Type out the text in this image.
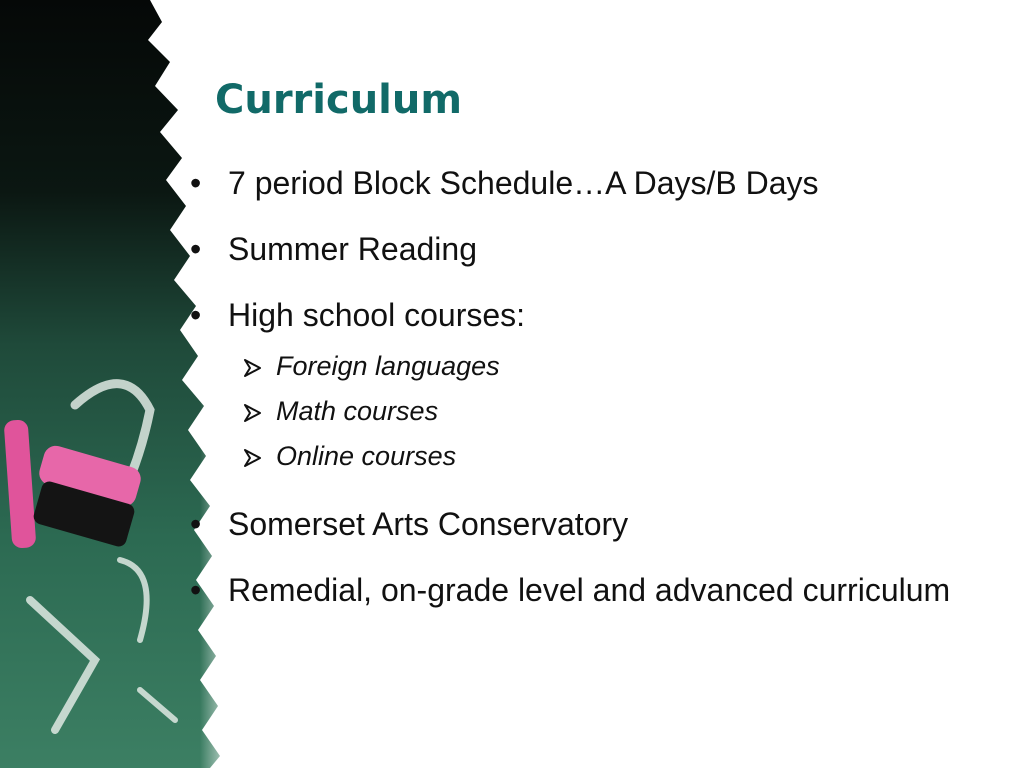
Curriculum
• 7 period Block Schedule…A Days/B Days
• Summer Reading
• High school courses:
Foreign languages
Math courses
Online courses
• Somerset Arts Conservatory
• Remedial, on-grade level and advanced curriculum
